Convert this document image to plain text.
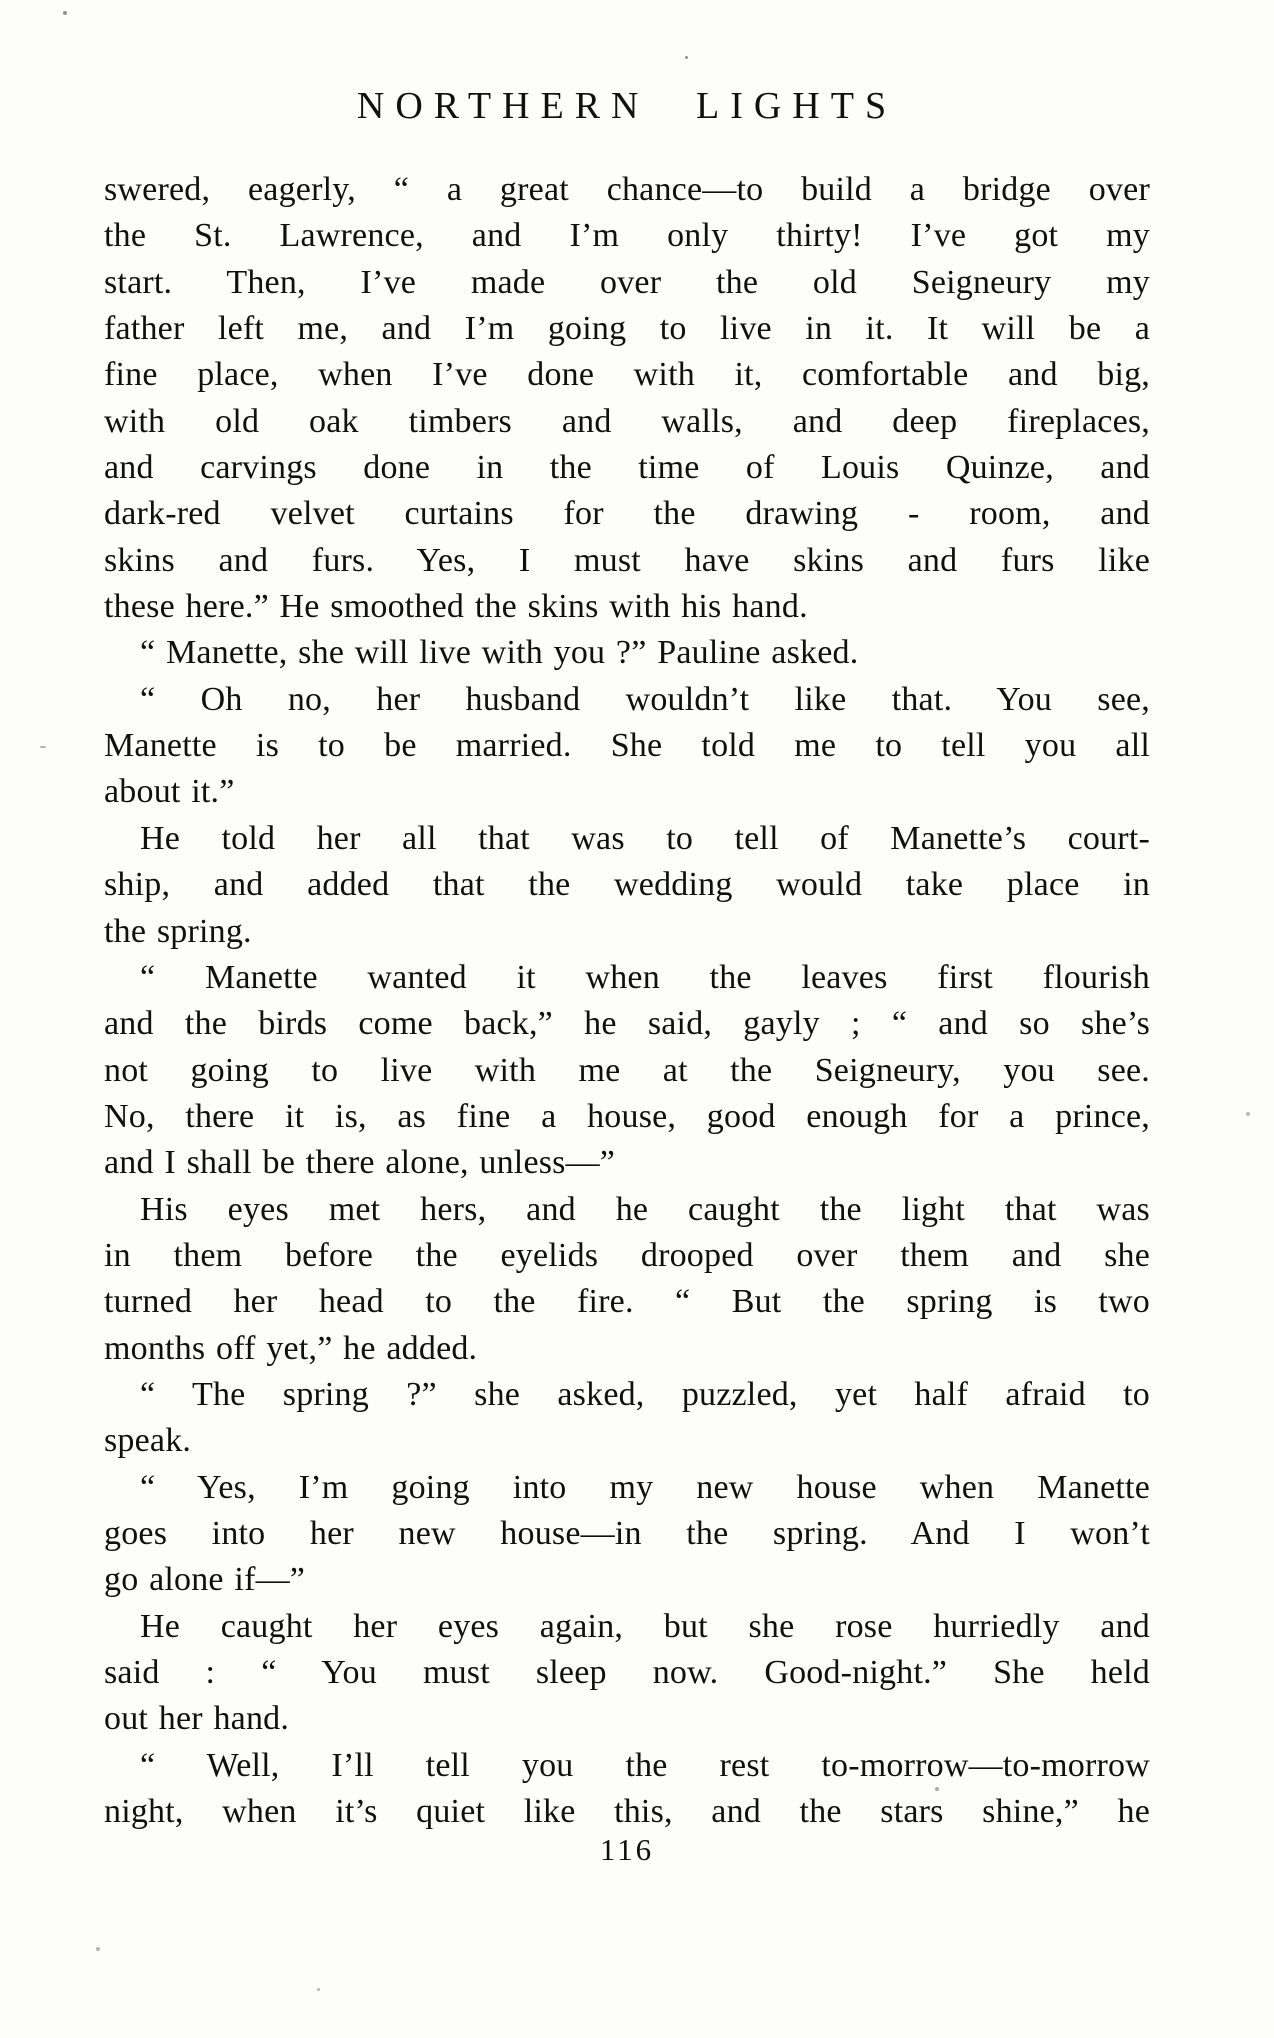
NORTHERN LIGHTS
swered, eagerly, “ a great chance—to build a bridge over
the St. Lawrence, and I’m only thirty! I’ve got my
start. Then, I’ve made over the old Seigneury my
father left me, and I’m going to live in it. It will be a
fine place, when I’ve done with it, comfortable and big,
with old oak timbers and walls, and deep fireplaces,
and carvings done in the time of Louis Quinze, and
dark-red velvet curtains for the drawing - room, and
skins and furs. Yes, I must have skins and furs like
these here.” He smoothed the skins with his hand.
“ Manette, she will live with you ?” Pauline asked.
“ Oh no, her husband wouldn’t like that. You see,
Manette is to be married. She told me to tell you all
about it.”
He told her all that was to tell of Manette’s court-
ship, and added that the wedding would take place in
the spring.
“ Manette wanted it when the leaves first flourish
and the birds come back,” he said, gayly ; “ and so she’s
not going to live with me at the Seigneury, you see.
No, there it is, as fine a house, good enough for a prince,
and I shall be there alone, unless—”
His eyes met hers, and he caught the light that was
in them before the eyelids drooped over them and she
turned her head to the fire. “ But the spring is two
months off yet,” he added.
“ The spring ?” she asked, puzzled, yet half afraid to
speak.
“ Yes, I’m going into my new house when Manette
goes into her new house—in the spring. And I won’t
go alone if—”
He caught her eyes again, but she rose hurriedly and
said : “ You must sleep now. Good-night.” She held
out her hand.
“ Well, I’ll tell you the rest to-morrow—to-morrow
night, when it’s quiet like this, and the stars shine,” he
116
